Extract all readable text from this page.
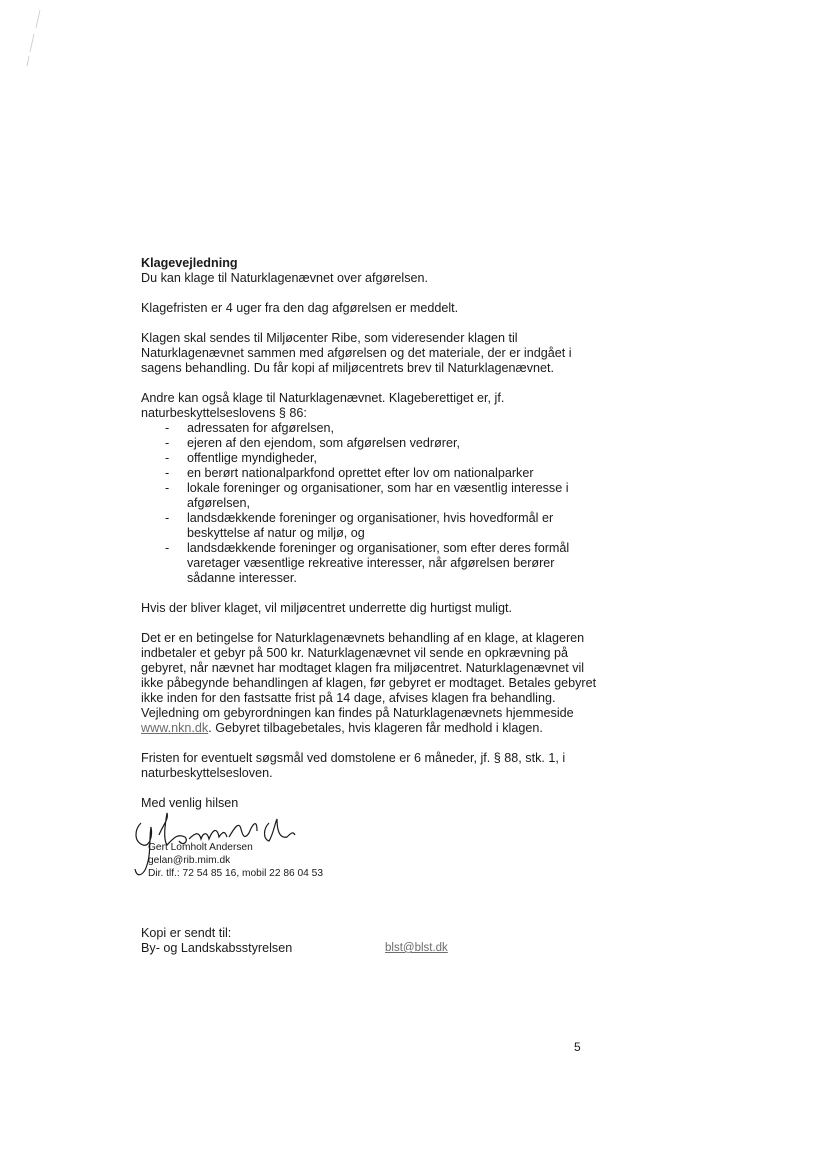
Klagevejledning

Du kan klage til Naturklagenævnet over afgørelsen.

Klagefristen er 4 uger fra den dag afgørelsen er meddelt.

Klagen skal sendes til Miljøcenter Ribe, som videresender klagen til Naturklagenævnet sammen med afgørelsen og det materiale, der er indgået i sagens behandling. Du får kopi af miljøcentrets brev til Naturklagenævnet.

Andre kan også klage til Naturklagenævnet. Klageberettiget er, jf. naturbeskyttelseslovens § 86:

- adressaten for afgørelsen,
- ejeren af den ejendom, som afgørelsen vedrører,
- offentlige myndigheder,
- en berørt nationalparkfond oprettet efter lov om nationalparker
- lokale foreninger og organisationer, som har en væsentlig interesse i afgørelsen,
- landsdækkende foreninger og organisationer, hvis hovedformål er beskyttelse af natur og miljø, og
- landsdækkende foreninger og organisationer, som efter deres formål varetager væsentlige rekreative interesser, når afgørelsen berører sådanne interesser.

Hvis der bliver klaget, vil miljøcentret underrette dig hurtigst muligt.

Det er en betingelse for Naturklagenævnets behandling af en klage, at klageren indbetaler et gebyr på 500 kr. Naturklagenævnet vil sende en opkrævning på gebyret, når nævnet har modtaget klagen fra miljøcentret. Naturklagenævnet vil ikke påbegynde behandlingen af klagen, før gebyret er modtaget. Betales gebyret ikke inden for den fastsatte frist på 14 dage, afvises klagen fra behandling. Vejledning om gebyrordningen kan findes på Naturklagenævnets hjemmeside www.nkn.dk. Gebyret tilbagebetales, hvis klageren får medhold i klagen.

Fristen for eventuelt søgsmål ved domstolene er 6 måneder, jf. § 88, stk. 1, i naturbeskyttelsesloven.

Med venlig hilsen

Gert Lomholt Andersen
gelan@rib.mim.dk
Dir. tlf.: 72 54 85 16, mobil 22 86 04 53
Kopi er sendt til:
By- og Landskabsstyrelsen	blst@blst.dk
5
